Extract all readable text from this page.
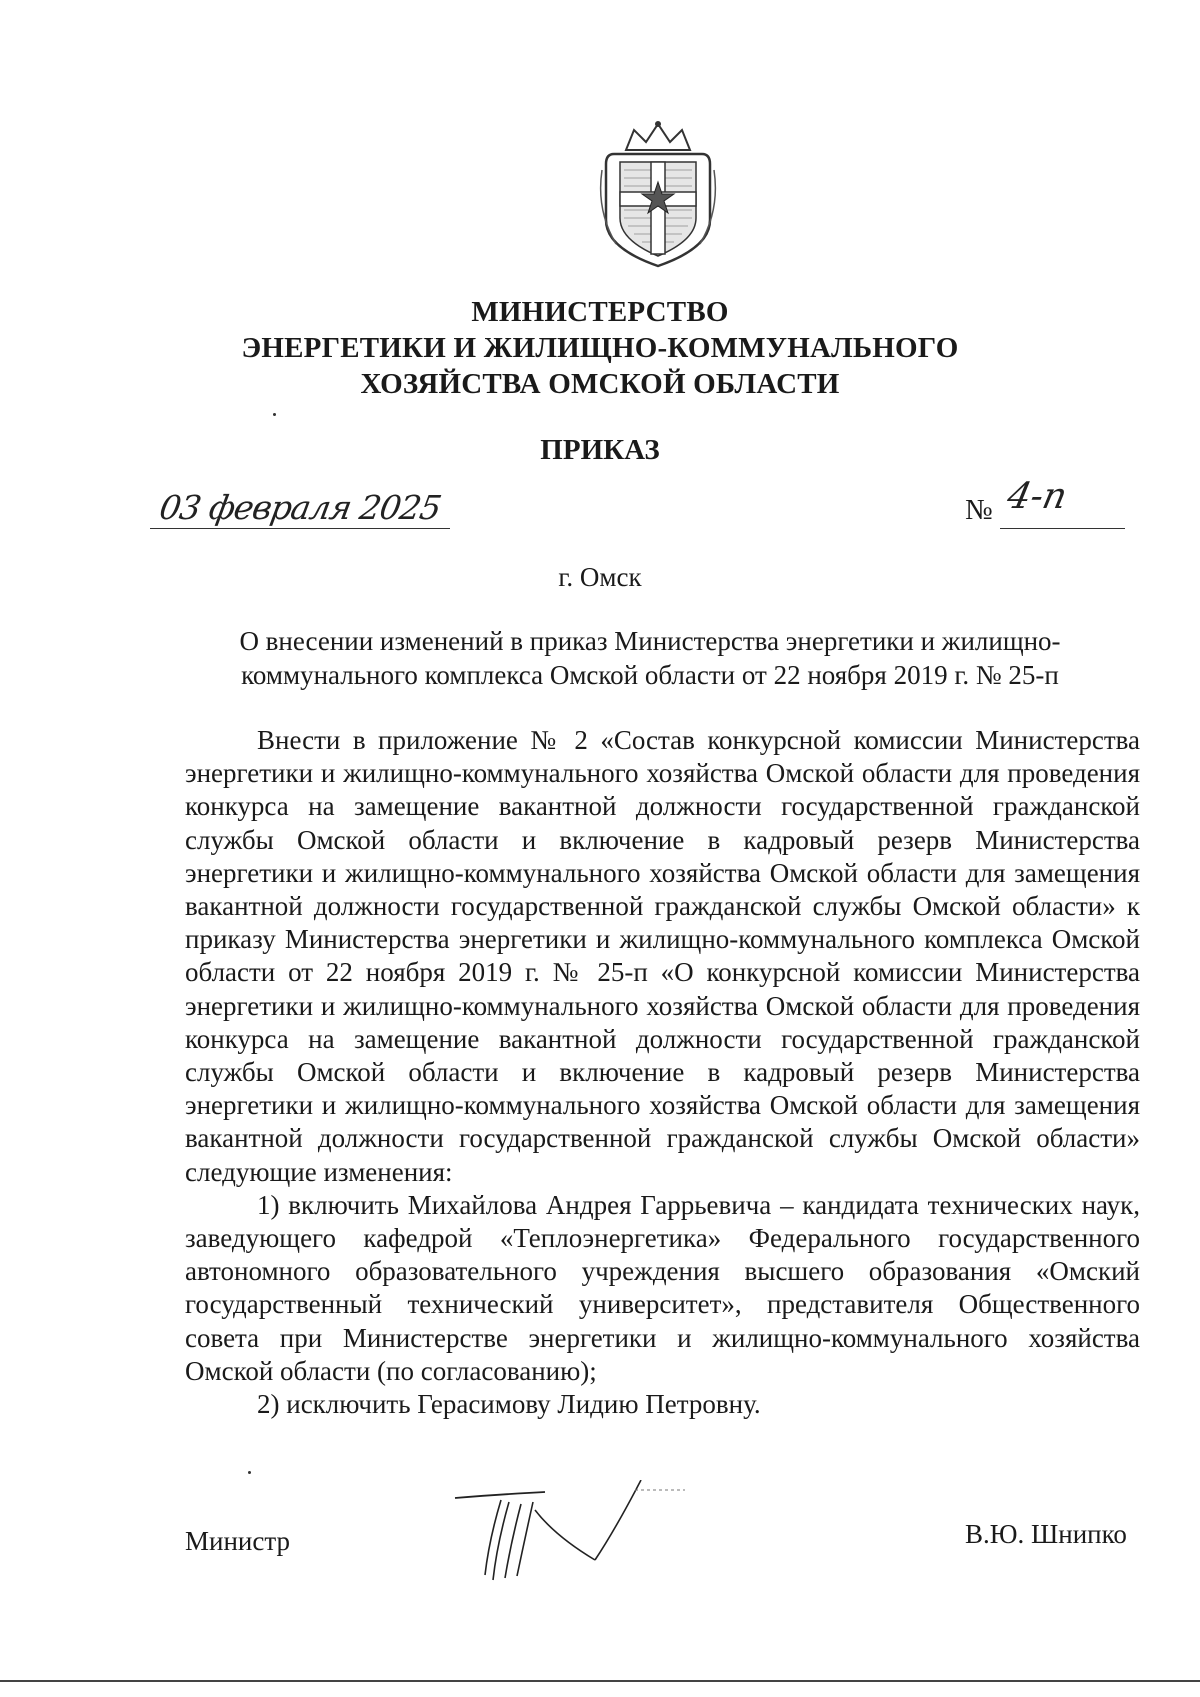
МИНИСТЕРСТВО
ЭНЕРГЕТИКИ И ЖИЛИЩНО-КОММУНАЛЬНОГО
ХОЗЯЙСТВА ОМСКОЙ ОБЛАСТИ
ПРИКАЗ
03 февраля 2025	№ 4-п
г. Омск
О внесении изменений в приказ Министерства энергетики и жилищно-коммунального комплекса Омской области от 22 ноября 2019 г. № 25-п

Внести в приложение № 2 «Состав конкурсной комиссии Министерства энергетики и жилищно-коммунального хозяйства Омской области для проведения конкурса на замещение вакантной должности государственной гражданской службы Омской области и включение в кадровый резерв Министерства энергетики и жилищно-коммунального хозяйства Омской области для замещения вакантной должности государственной гражданской службы Омской области» к приказу Министерства энергетики и жилищно-коммунального комплекса Омской области от 22 ноября 2019 г. № 25-п «О конкурсной комиссии Министерства энергетики и жилищно-коммунального хозяйства Омской области для проведения конкурса на замещение вакантной должности государственной гражданской службы Омской области и включение в кадровый резерв Министерства энергетики и жилищно-коммунального хозяйства Омской области для замещения вакантной должности государственной гражданской службы Омской области» следующие изменения:

1) включить Михайлова Андрея Гаррьевича – кандидата технических наук, заведующего кафедрой «Теплоэнергетика» Федерального государственного автономного образовательного учреждения высшего образования «Омский государственный технический университет», представителя Общественного совета при Министерстве энергетики и жилищно-коммунального хозяйства Омской области (по согласованию);

2) исключить Герасимову Лидию Петровну.

Министр	В.Ю. Шнипко
